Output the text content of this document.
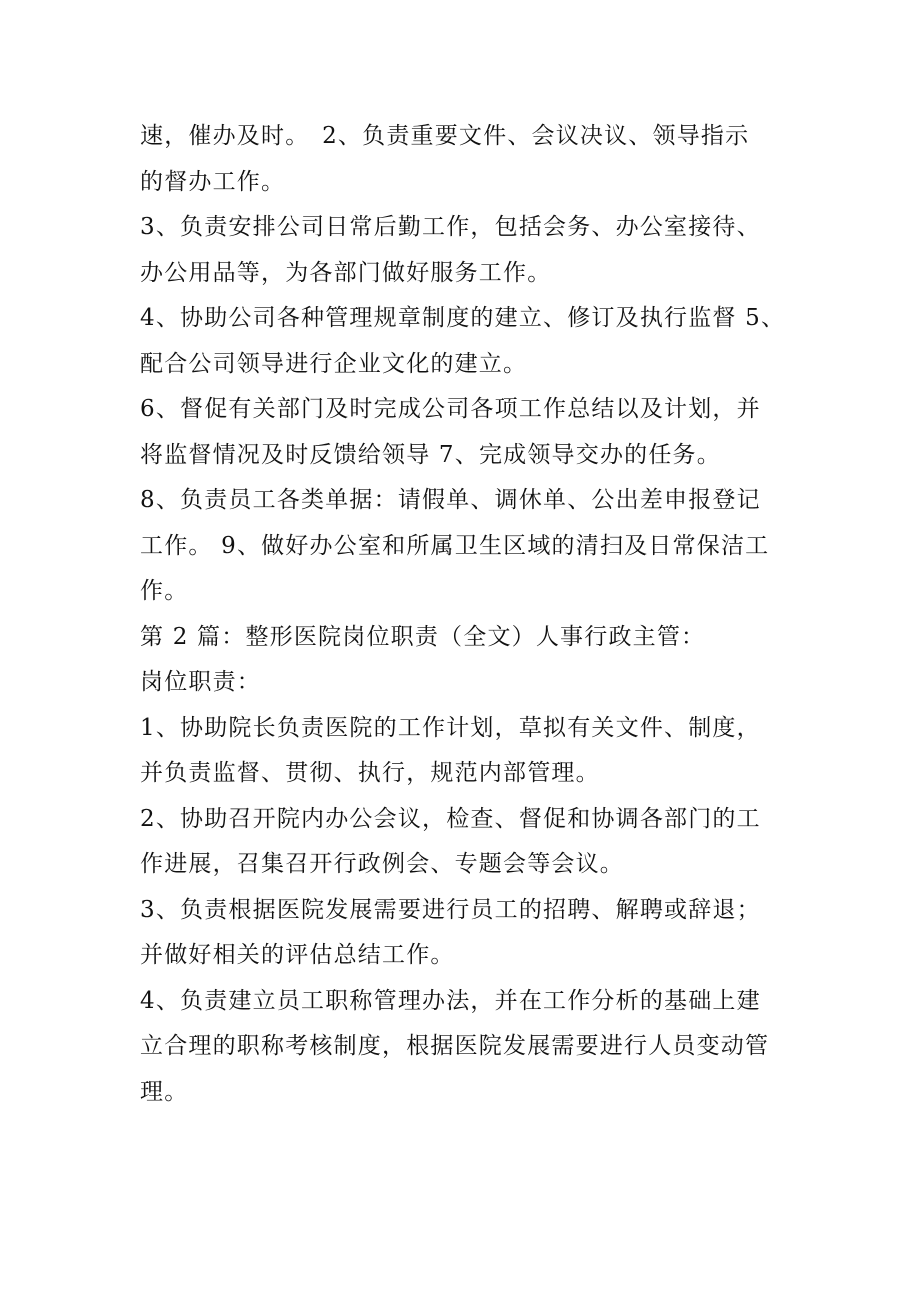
速，催办及时。　2、负责重要文件、会议决议、领导指示
的督办工作。
3、负责安排公司日常后勤工作，包括会务、办公室接待、
办公用品等，为各部门做好服务工作。
4、协助公司各种管理规章制度的建立、修订及执行监督 5、
配合公司领导进行企业文化的建立。
6、督促有关部门及时完成公司各项工作总结以及计划，并
将监督情况及时反馈给领导 7、完成领导交办的任务。
8、负责员工各类单据：请假单、调休单、公出差申报登记
工作。 9、做好办公室和所属卫生区域的清扫及日常保洁工
作。
第 2 篇：整形医院岗位职责（全文）人事行政主管：
岗位职责：
1、协助院长负责医院的工作计划，草拟有关文件、制度，
并负责监督、贯彻、执行，规范内部管理。
2、协助召开院内办公会议，检查、督促和协调各部门的工
作进展，召集召开行政例会、专题会等会议。
3、负责根据医院发展需要进行员工的招聘、解聘或辞退；
并做好相关的评估总结工作。
4、负责建立员工职称管理办法，并在工作分析的基础上建
立合理的职称考核制度，根据医院发展需要进行人员变动管
理。
